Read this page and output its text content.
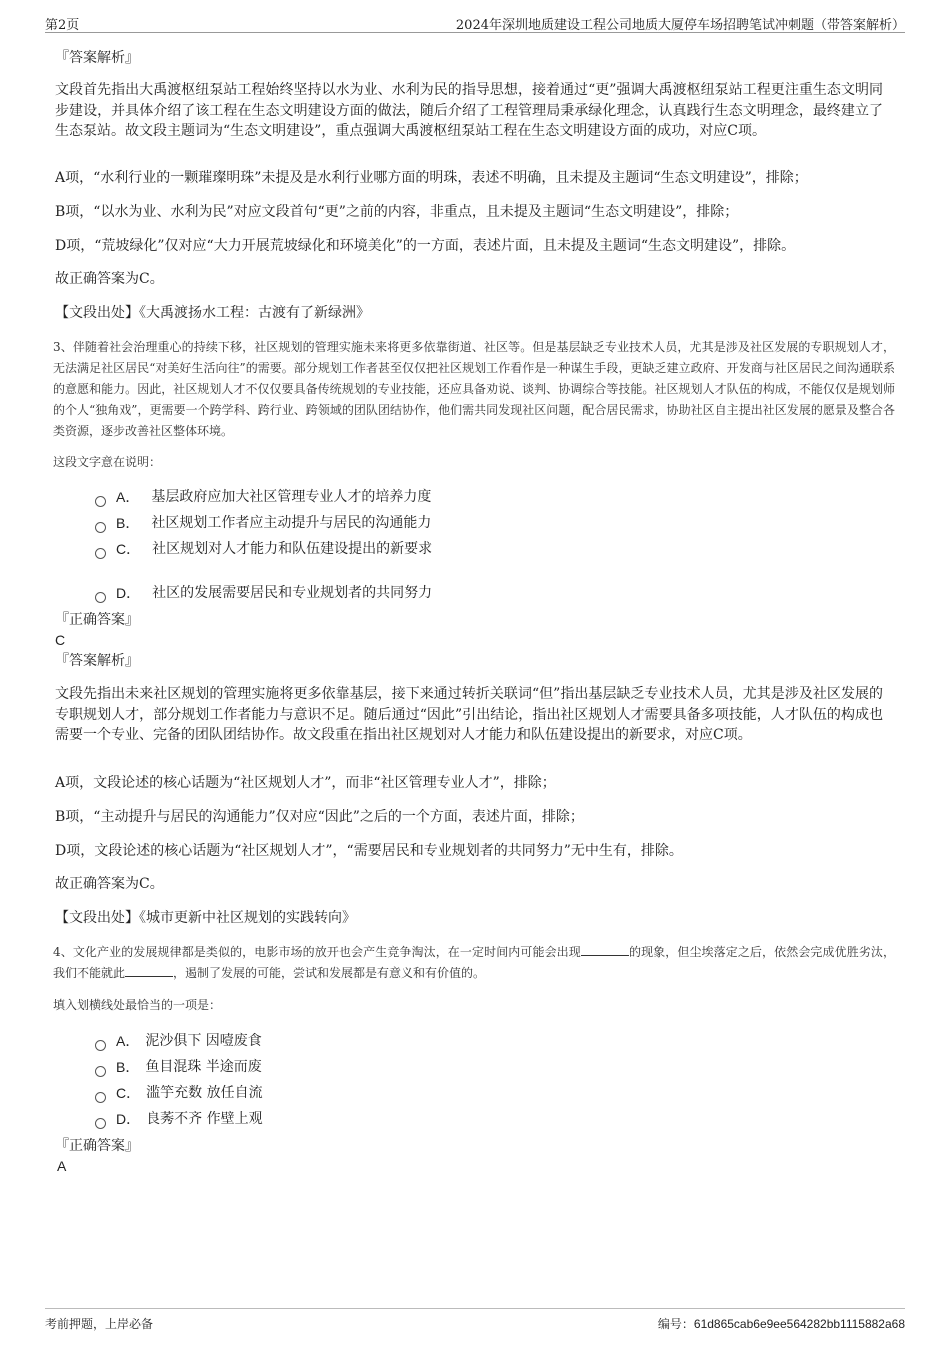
第2页	2024年深圳地质建设工程公司地质大厦停车场招聘笔试冲刺题（带答案解析）

『答案解析』

文段首先指出大禹渡枢纽泵站工程始终坚持以水为业、水利为民的指导思想，接着通过“更”强调大禹渡枢纽泵站工程更注重生态文明同步建设，并具体介绍了该工程在生态文明建设方面的做法，随后介绍了工程管理局秉承绿化理念，认真践行生态文明理念，最终建立了生态泵站。故文段主题词为“生态文明建设”，重点强调大禹渡枢纽泵站工程在生态文明建设方面的成功，对应C项。

A项，“水利行业的一颗璀璨明珠”未提及是水利行业哪方面的明珠，表述不明确，且未提及主题词“生态文明建设”，排除；

B项，“以水为业、水利为民”对应文段首句“更”之前的内容，非重点，且未提及主题词“生态文明建设”，排除；

D项，“荒坡绿化”仅对应“大力开展荒坡绿化和环境美化”的一方面，表述片面，且未提及主题词“生态文明建设”，排除。

故正确答案为C。

【文段出处】《大禹渡扬水工程：古渡有了新绿洲》

3、伴随着社会治理重心的持续下移，社区规划的管理实施未来将更多依靠街道、社区等。但是基层缺乏专业技术人员，尤其是涉及社区发展的专职规划人才，无法满足社区居民“对美好生活向往”的需要。部分规划工作者甚至仅仅把社区规划工作看作是一种谋生手段，更缺乏建立政府、开发商与社区居民之间沟通联系的意愿和能力。因此，社区规划人才不仅仅要具备传统规划的专业技能，还应具备劝说、谈判、协调综合等技能。社区规划人才队伍的构成，不能仅仅是规划师的个人“独角戏”，更需要一个跨学科、跨行业、跨领域的团队团结协作，他们需共同发现社区问题，配合居民需求，协助社区自主提出社区发展的愿景及整合各类资源，逐步改善社区整体环境。

这段文字意在说明：

A． 基层政府应加大社区管理专业人才的培养力度
B． 社区规划工作者应主动提升与居民的沟通能力
C． 社区规划对人才能力和队伍建设提出的新要求
D． 社区的发展需要居民和专业规划者的共同努力

『正确答案』

C

『答案解析』

文段先指出未来社区规划的管理实施将更多依靠基层，接下来通过转折关联词“但”指出基层缺乏专业技术人员，尤其是涉及社区发展的专职规划人才，部分规划工作者能力与意识不足。随后通过“因此”引出结论，指出社区规划人才需要具备多项技能，人才队伍的构成也需要一个专业、完备的团队团结协作。故文段重在指出社区规划对人才能力和队伍建设提出的新要求，对应C项。

A项，文段论述的核心话题为“社区规划人才”，而非“社区管理专业人才”，排除；

B项，“主动提升与居民的沟通能力”仅对应“因此”之后的一个方面，表述片面，排除；

D项，文段论述的核心话题为“社区规划人才”，“需要居民和专业规划者的共同努力”无中生有，排除。

故正确答案为C。

【文段出处】《城市更新中社区规划的实践转向》

4、文化产业的发展规律都是类似的，电影市场的放开也会产生竞争淘汰，在一定时间内可能会出现	的现象，但尘埃落定之后，依然会完成优胜劣汰，我们不能就此	，遏制了发展的可能，尝试和发展都是有意义和有价值的。

填入划横线处最恰当的一项是：

A． 泥沙俱下 因噎废食
B． 鱼目混珠 半途而废
C． 滥竽充数 放任自流
D． 良莠不齐 作壁上观

『正确答案』

A

考前押题，上岸必备	编号：61d865cab6e9ee564282bb1115882a68
